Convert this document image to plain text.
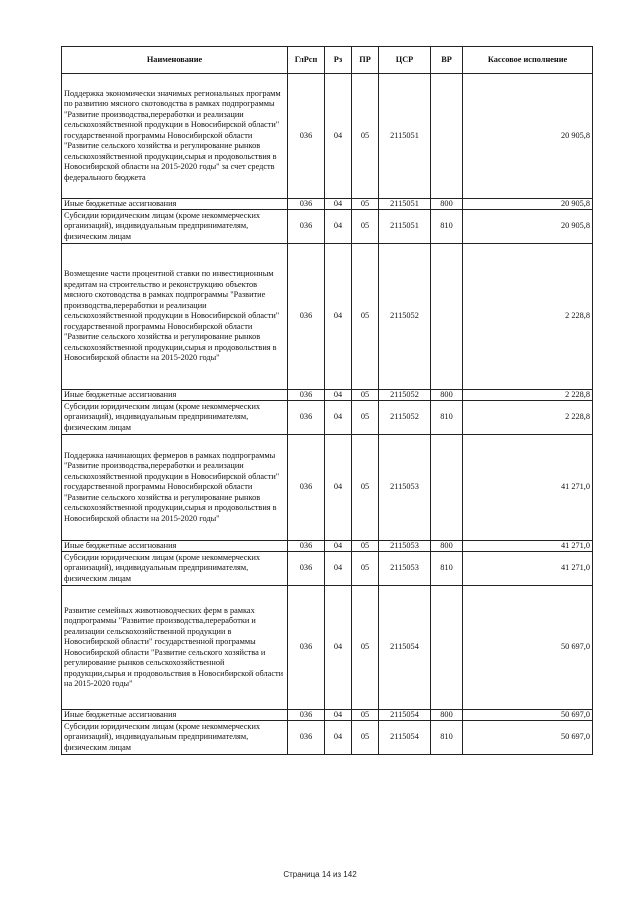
Наименование	ГлРсп	Рз	ПР	ЦСР	ВР	Кассовое исполнение
Поддержка экономически значимых региональных программ по развитию мясного скотоводства в рамках подпрограммы "Развитие производства,переработки и реализации сельскохозяйственной продукции в Новосибирской области" государственной программы Новосибирской области "Развитие сельского хозяйства и регулирование рынков сельскохозяйственной продукции,сырья и продовольствия в Новосибирской области на 2015-2020 годы" за счет средств федерального бюджета	036	04	05	2115051		20 905,8
Иные бюджетные ассигнования	036	04	05	2115051	800	20 905,8
Субсидии юридическим лицам (кроме некоммерческих организаций), индивидуальным предпринимателям, физическим лицам	036	04	05	2115051	810	20 905,8
Возмещение части процентной ставки по инвестиционным кредитам на строительство и реконструкцию объектов мясного скотоводства в рамках подпрограммы "Развитие производства,переработки и реализации сельскохозяйственной продукции в Новосибирской области" государственной программы Новосибирской области "Развитие сельского хозяйства и регулирование рынков сельскохозяйственной продукции,сырья и продовольствия в Новосибирской области на 2015-2020 годы"	036	04	05	2115052		2 228,8
Иные бюджетные ассигнования	036	04	05	2115052	800	2 228,8
Субсидии юридическим лицам (кроме некоммерческих организаций), индивидуальным предпринимателям, физическим лицам	036	04	05	2115052	810	2 228,8
Поддержка начинающих фермеров в рамках подпрограммы "Развитие производства,переработки и реализации сельскохозяйственной продукции в Новосибирской области" государственной программы Новосибирской области "Развитие сельского хозяйства и регулирование рынков сельскохозяйственной продукции,сырья и продовольствия в Новосибирской области на 2015-2020 годы"	036	04	05	2115053		41 271,0
Иные бюджетные ассигнования	036	04	05	2115053	800	41 271,0
Субсидии юридическим лицам (кроме некоммерческих организаций), индивидуальным предпринимателям, физическим лицам	036	04	05	2115053	810	41 271,0
Развитие семейных животноводческих ферм в рамках подпрограммы "Развитие производства,переработки и реализации сельскохозяйственной продукции в Новосибирской области" государственной программы Новосибирской области "Развитие сельского хозяйства и регулирование рынков сельскохозяйственной продукции,сырья и продовольствия в Новосибирской области на 2015-2020 годы"	036	04	05	2115054		50 697,0
Иные бюджетные ассигнования	036	04	05	2115054	800	50 697,0
Субсидии юридическим лицам (кроме некоммерческих организаций), индивидуальным предпринимателям, физическим лицам	036	04	05	2115054	810	50 697,0
Страница 14 из 142
